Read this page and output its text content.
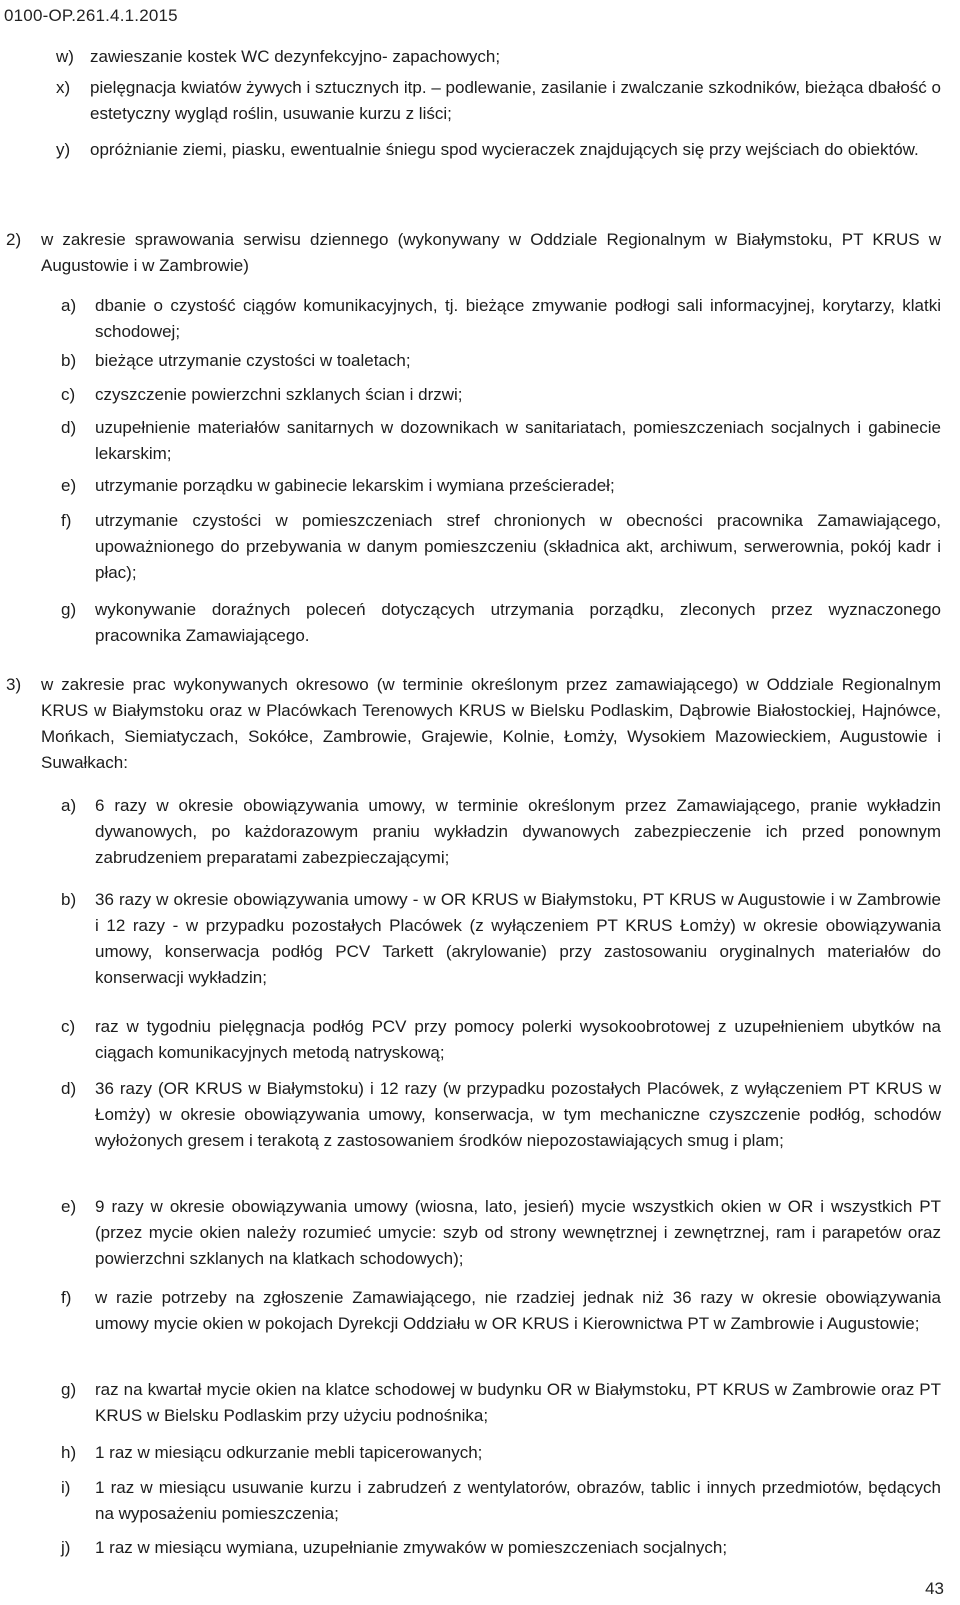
0100-OP.261.4.1.2015
w) zawieszanie kostek WC dezynfekcyjno- zapachowych;
x) pielęgnacja kwiatów żywych i sztucznych itp. – podlewanie, zasilanie i zwalczanie szkodników, bieżąca dbałość o estetyczny wygląd roślin, usuwanie kurzu z liści;
y) opróżnianie ziemi, piasku, ewentualnie śniegu spod wycieraczek znajdujących się przy wejściach do obiektów.
2) w zakresie sprawowania serwisu dziennego (wykonywany w Oddziale Regionalnym w Białymstoku, PT KRUS w Augustowie i w Zambrowie)
a) dbanie o czystość ciągów komunikacyjnych, tj. bieżące zmywanie podłogi sali informacyjnej, korytarzy, klatki schodowej;
b) bieżące utrzymanie czystości w toaletach;
c) czyszczenie powierzchni szklanych ścian i drzwi;
d) uzupełnienie materiałów sanitarnych w dozownikach w sanitariatach, pomieszczeniach socjalnych i gabinecie lekarskim;
e) utrzymanie porządku w gabinecie lekarskim i wymiana prześcieradeł;
f) utrzymanie czystości w pomieszczeniach stref chronionych w obecności pracownika Zamawiającego, upoważnionego do przebywania w danym pomieszczeniu (składnica akt, archiwum, serwerownia, pokój kadr i płac);
g) wykonywanie doraźnych poleceń dotyczących utrzymania porządku, zleconych przez wyznaczonego pracownika Zamawiającego.
3) w zakresie prac wykonywanych okresowo (w terminie określonym przez zamawiającego) w Oddziale Regionalnym KRUS w Białymstoku oraz w Placówkach Terenowych KRUS w Bielsku Podlaskim, Dąbrowie Białostockiej, Hajnówce, Mońkach, Siemiatyczach, Sokółce, Zambrowie, Grajewie, Kolnie, Łomży, Wysokiem Mazowieckiem, Augustowie i Suwałkach:
a) 6 razy w okresie obowiązywania umowy, w terminie określonym przez Zamawiającego, pranie wykładzin dywanowych, po każdorazowym praniu wykładzin dywanowych zabezpieczenie ich przed ponownym zabrudzeniem preparatami zabezpieczającymi;
b) 36 razy w okresie obowiązywania umowy - w OR KRUS w Białymstoku, PT KRUS w Augustowie i w Zambrowie i 12 razy - w przypadku pozostałych Placówek (z wyłączeniem PT KRUS Łomży) w okresie obowiązywania umowy, konserwacja podłóg PCV Tarkett (akrylowanie) przy zastosowaniu oryginalnych materiałów do konserwacji wykładzin;
c) raz w tygodniu pielęgnacja podłóg PCV przy pomocy polerki wysokoobrotowej z uzupełnieniem ubytków na ciągach komunikacyjnych metodą natryskową;
d) 36 razy (OR KRUS w Białymstoku) i 12 razy (w przypadku pozostałych Placówek, z wyłączeniem PT KRUS w Łomży) w okresie obowiązywania umowy, konserwacja, w tym mechaniczne czyszczenie podłóg, schodów wyłożonych gresem i terakotą z zastosowaniem środków niepozostawiających smug i plam;
e) 9 razy w okresie obowiązywania umowy (wiosna, lato, jesień) mycie wszystkich okien w OR i wszystkich PT (przez mycie okien należy rozumieć umycie: szyb od strony wewnętrznej i zewnętrznej, ram i parapetów oraz powierzchni szklanych na klatkach schodowych);
f) w razie potrzeby na zgłoszenie Zamawiającego, nie rzadziej jednak niż 36 razy w okresie obowiązywania umowy mycie okien w pokojach Dyrekcji Oddziału w OR KRUS i Kierownictwa PT w Zambrowie i Augustowie;
g) raz na kwartał mycie okien na klatce schodowej w budynku OR w Białymstoku, PT KRUS w Zambrowie oraz PT KRUS w Bielsku Podlaskim przy użyciu podnośnika;
h) 1 raz w miesiącu odkurzanie mebli tapicerowanych;
i) 1 raz w miesiącu usuwanie kurzu i zabrudzeń z wentylatorów, obrazów, tablic i innych przedmiotów, będących na wyposażeniu pomieszczenia;
j) 1 raz w miesiącu wymiana, uzupełnianie zmywaków w pomieszczeniach socjalnych;
43
